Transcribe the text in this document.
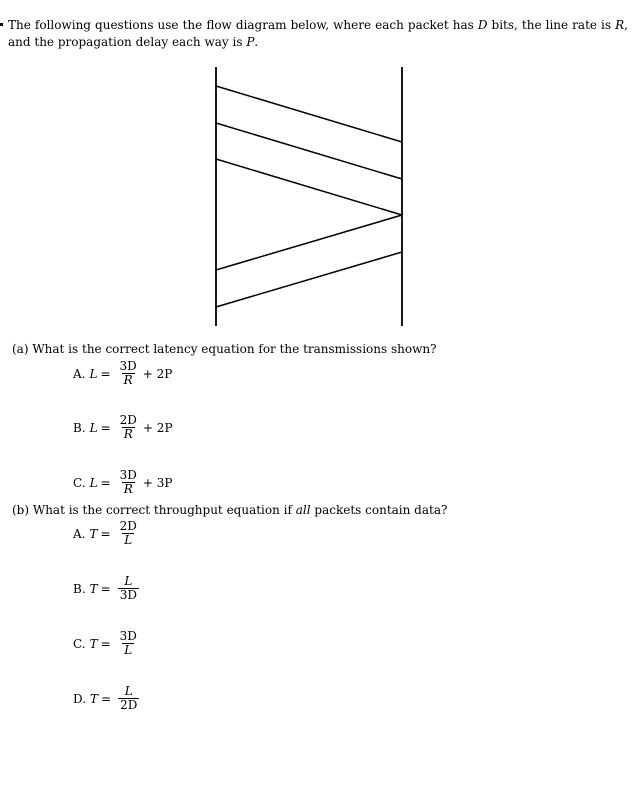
The following questions use the flow diagram below, where each packet has D bits, the line rate is R, and the propagation delay each way is P.
(a) What is the correct latency equation for the transmissions shown?
A. $L = \frac{3D}{R} + 2P$
B. $L = \frac{2D}{R} + 2P$
C. $L = \frac{3D}{R} + 3P$
(b) What is the correct throughput equation if all packets contain data?
A. $T = \frac{2D}{L}$
B. $T = \frac{L}{3D}$
C. $T = \frac{3D}{L}$
D. $T = \frac{L}{2D}$
